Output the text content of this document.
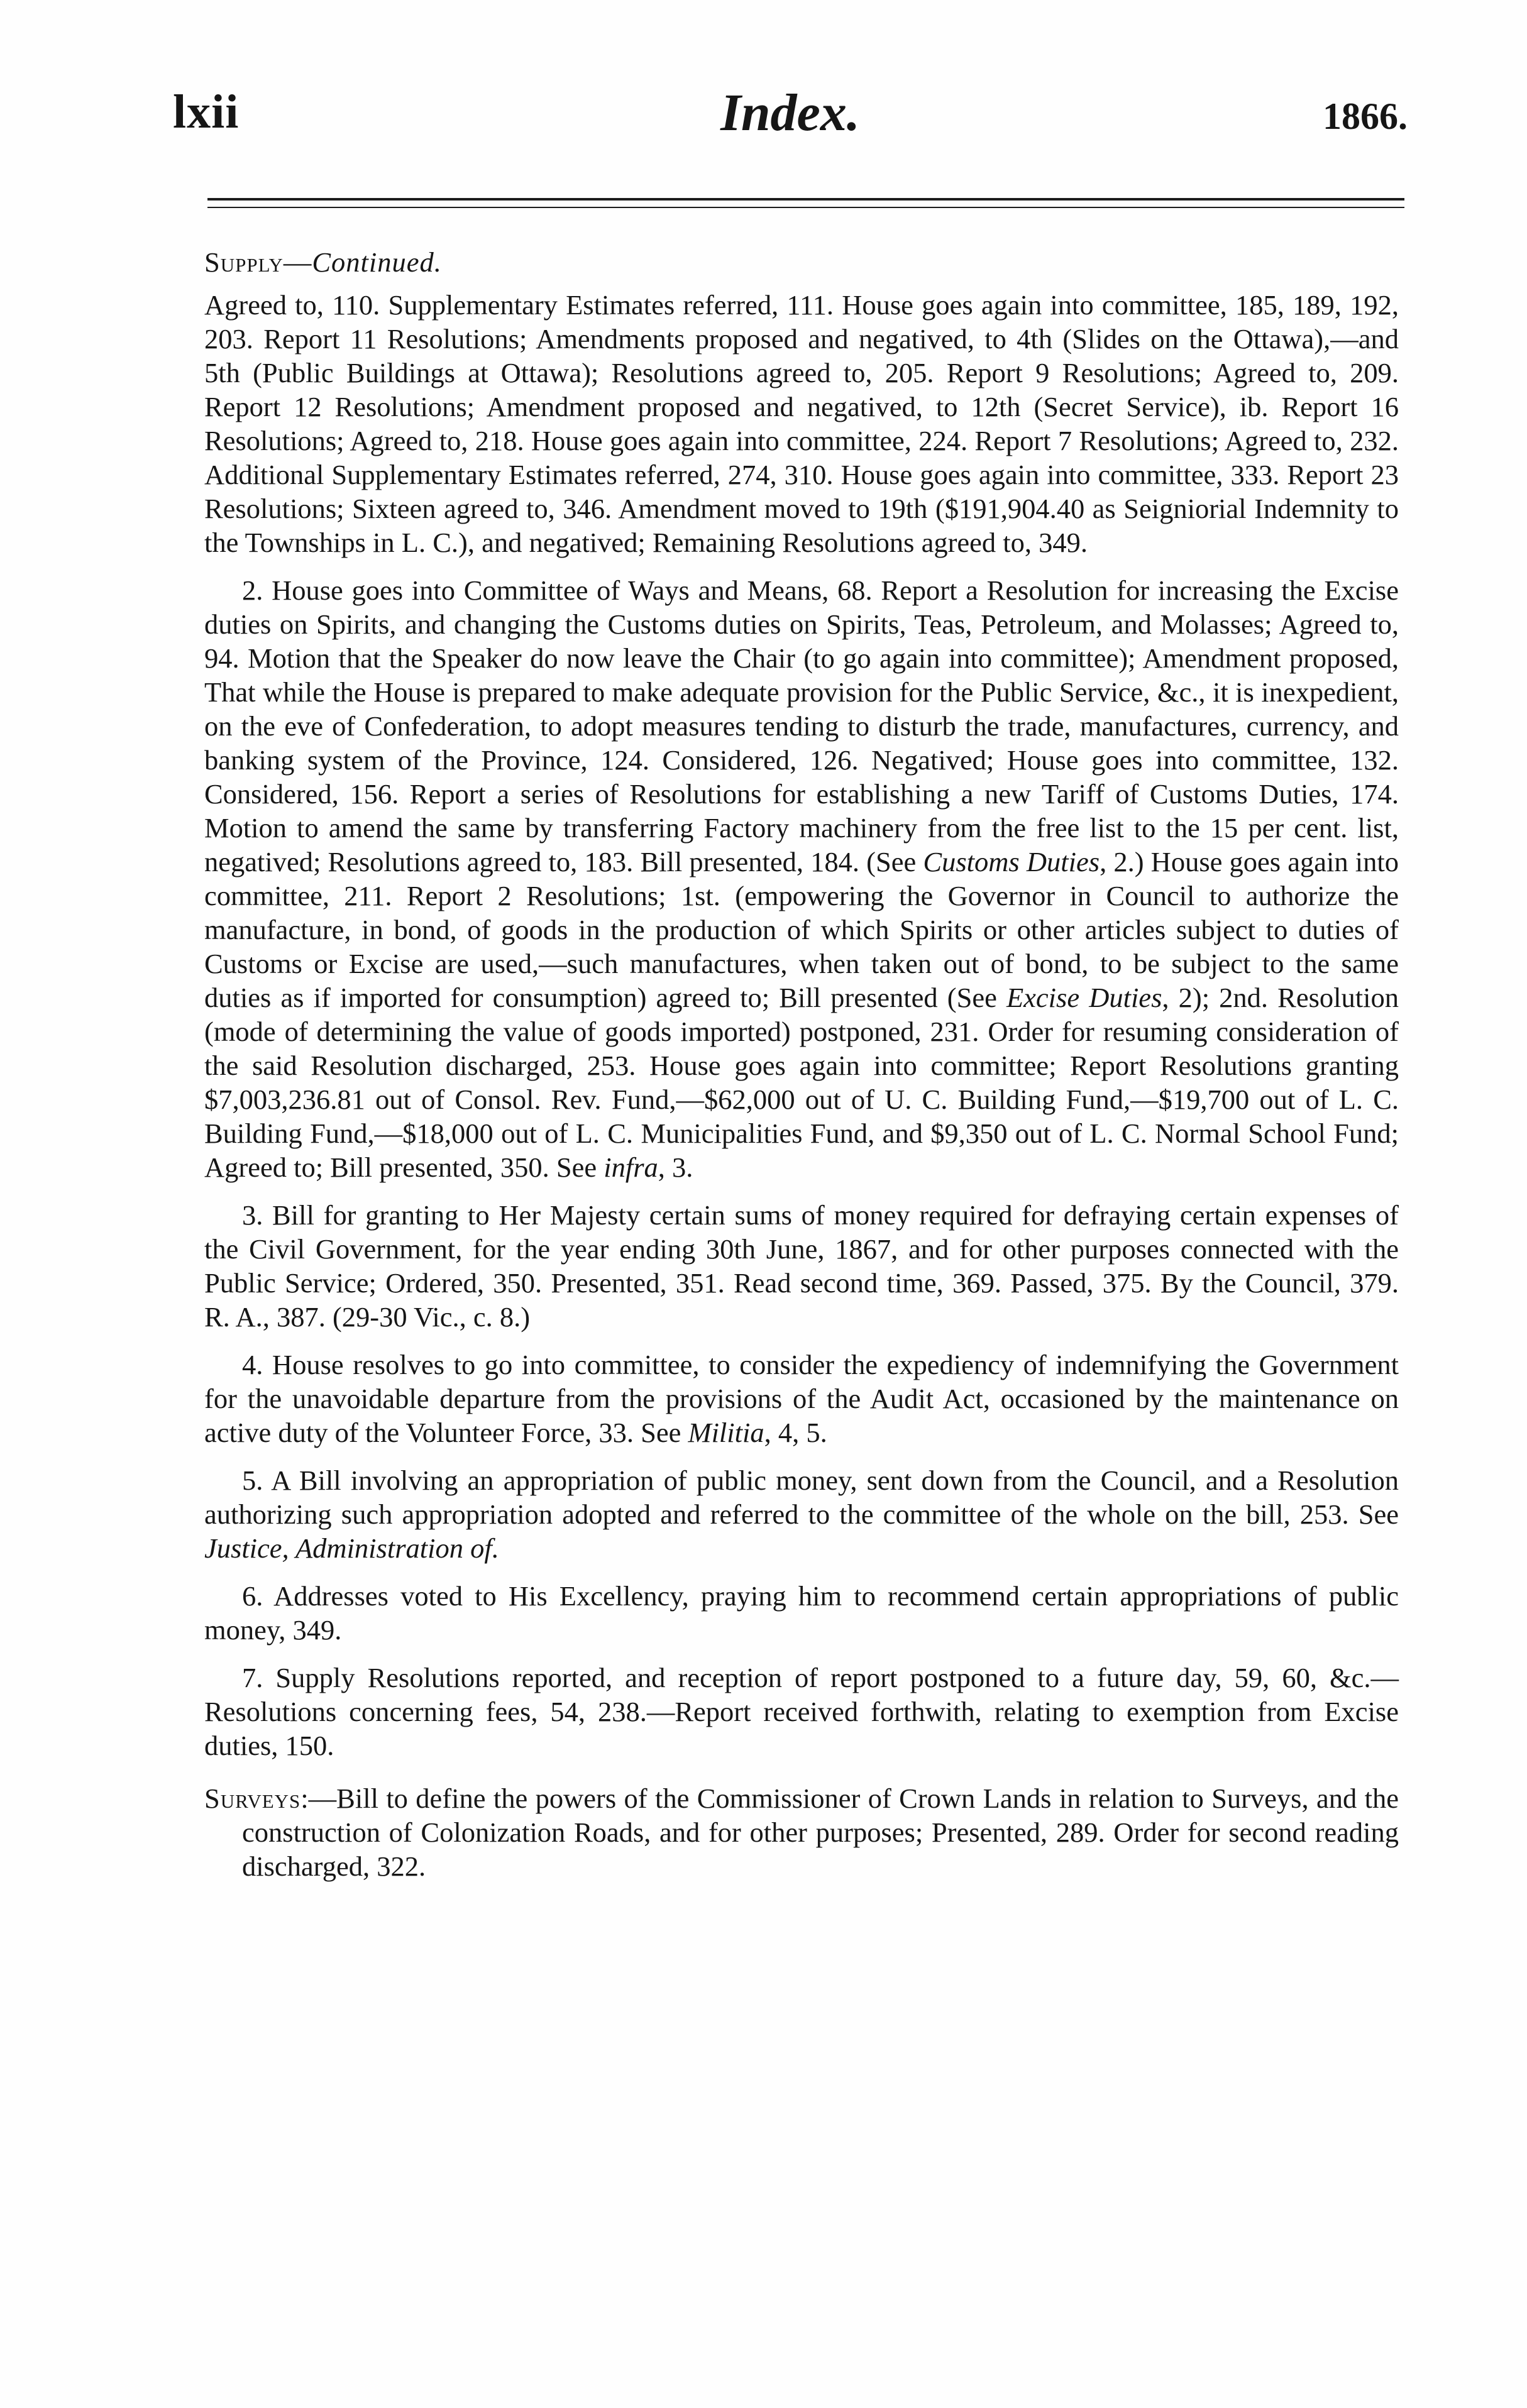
lxii	Index.	1866.

Supply—Continued.

Agreed to, 110. Supplementary Estimates referred, 111. House goes again into committee, 185, 189, 192, 203. Report 11 Resolutions; Amendments proposed and negatived, to 4th (Slides on the Ottawa),—and 5th (Public Buildings at Ottawa); Resolutions agreed to, 205. Report 9 Resolutions; Agreed to, 209. Report 12 Resolutions; Amendment proposed and negatived, to 12th (Secret Service), ib. Report 16 Resolutions; Agreed to, 218. House goes again into committee, 224. Report 7 Resolutions; Agreed to, 232. Additional Supplementary Estimates referred, 274, 310. House goes again into committee, 333. Report 23 Resolutions; Sixteen agreed to, 346. Amendment moved to 19th ($191,904.40 as Seigniorial Indemnity to the Townships in L. C.), and negatived; Remaining Resolutions agreed to, 349.

2. House goes into Committee of Ways and Means, 68. Report a Resolution for increasing the Excise duties on Spirits, and changing the Customs duties on Spirits, Teas, Petroleum, and Molasses; Agreed to, 94. Motion that the Speaker do now leave the Chair (to go again into committee); Amendment proposed, That while the House is prepared to make adequate provision for the Public Service, &c., it is inexpedient, on the eve of Confederation, to adopt measures tending to disturb the trade, manufactures, currency, and banking system of the Province, 124. Considered, 126. Negatived; House goes into committee, 132. Considered, 156. Report a series of Resolutions for establishing a new Tariff of Customs Duties, 174. Motion to amend the same by transferring Factory machinery from the free list to the 15 per cent. list, negatived; Resolutions agreed to, 183. Bill presented, 184. (See Customs Duties, 2.) House goes again into committee, 211. Report 2 Resolutions; 1st. (empowering the Governor in Council to authorize the manufacture, in bond, of goods in the production of which Spirits or other articles subject to duties of Customs or Excise are used,—such manufactures, when taken out of bond, to be subject to the same duties as if imported for consumption) agreed to; Bill presented (See Excise Duties, 2); 2nd. Resolution (mode of determining the value of goods imported) postponed, 231. Order for resuming consideration of the said Resolution discharged, 253. House goes again into committee; Report Resolutions granting $7,003,236.81 out of Consol. Rev. Fund,—$62,000 out of U. C. Building Fund,—$19,700 out of L. C. Building Fund,—$18,000 out of L. C. Municipalities Fund, and $9,350 out of L. C. Normal School Fund; Agreed to; Bill presented, 350. See infra, 3.

3. Bill for granting to Her Majesty certain sums of money required for defraying certain expenses of the Civil Government, for the year ending 30th June, 1867, and for other purposes connected with the Public Service; Ordered, 350. Presented, 351. Read second time, 369. Passed, 375. By the Council, 379. R. A., 387. (29-30 Vic., c. 8.)

4. House resolves to go into committee, to consider the expediency of indemnifying the Government for the unavoidable departure from the provisions of the Audit Act, occasioned by the maintenance on active duty of the Volunteer Force, 33. See Militia, 4, 5.

5. A Bill involving an appropriation of public money, sent down from the Council, and a Resolution authorizing such appropriation adopted and referred to the committee of the whole on the bill, 253. See Justice, Administration of.

6. Addresses voted to His Excellency, praying him to recommend certain appropriations of public money, 349.

7. Supply Resolutions reported, and reception of report postponed to a future day, 59, 60, &c.—Resolutions concerning fees, 54, 238.—Report received forthwith, relating to exemption from Excise duties, 150.

Surveys:—Bill to define the powers of the Commissioner of Crown Lands in relation to Surveys, and the construction of Colonization Roads, and for other purposes; Presented, 289. Order for second reading discharged, 322.
